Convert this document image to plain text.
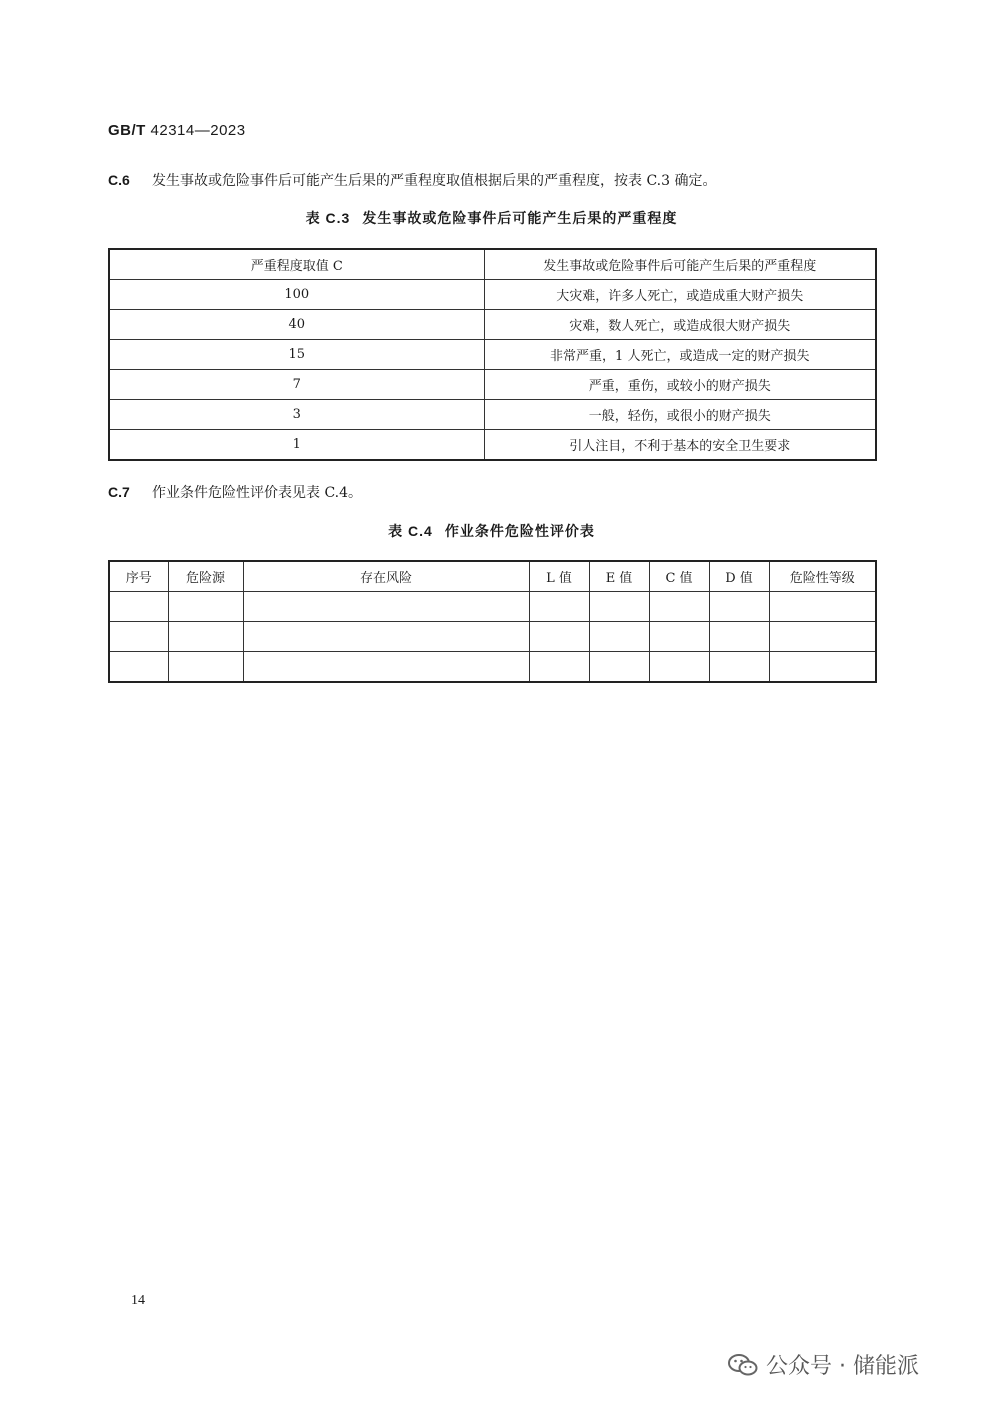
GB/T 42314—2023
C.6 发生事故或危险事件后可能产生后果的严重程度取值根据后果的严重程度，按表 C.3 确定。
表 C.3 发生事故或危险事件后可能产生后果的严重程度
严重程度取值 C	发生事故或危险事件后可能产生后果的严重程度
100	大灾难，许多人死亡，或造成重大财产损失
40	灾难，数人死亡，或造成很大财产损失
15	非常严重，1 人死亡，或造成一定的财产损失
7	严重，重伤，或较小的财产损失
3	一般，轻伤，或很小的财产损失
1	引人注目，不利于基本的安全卫生要求
C.7 作业条件危险性评价表见表 C.4。
表 C.4 作业条件危险性评价表
序号	危险源	存在风险	L 值	E 值	C 值	D 值	危险性等级

14
公众号 · 储能派
